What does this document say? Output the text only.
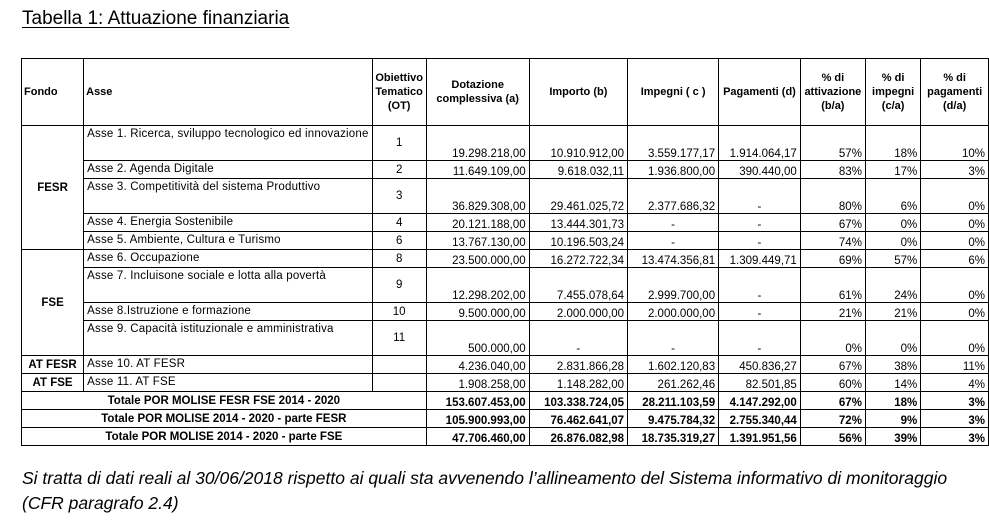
Tabella 1: Attuazione finanziaria
Fondo	Asse	Obiettivo Tematico (OT)	Dotazione complessiva (a)	Importo (b)	Impegni ( c )	Pagamenti (d)	% di attivazione (b/a)	% di impegni (c/a)	% di pagamenti (d/a)
FESR	Asse 1. Ricerca, sviluppo tecnologico ed innovazione	1	19.298.218,00	10.910.912,00	3.559.177,17	1.914.064,17	57%	18%	10%
	Asse 2. Agenda Digitale	2	11.649.109,00	9.618.032,11	1.936.800,00	390.440,00	83%	17%	3%
	Asse 3. Competitività del sistema Produttivo	3	36.829.308,00	29.461.025,72	2.377.686,32	-	80%	6%	0%
	Asse 4. Energia Sostenibile	4	20.121.188,00	13.444.301,73	-	-	67%	0%	0%
	Asse 5. Ambiente, Cultura e Turismo	6	13.767.130,00	10.196.503,24	-	-	74%	0%	0%
FSE	Asse 6. Occupazione	8	23.500.000,00	16.272.722,34	13.474.356,81	1.309.449,71	69%	57%	6%
	Asse 7. Incluisone sociale e lotta alla povertà	9	12.298.202,00	7.455.078,64	2.999.700,00	-	61%	24%	0%
	Asse 8.Istruzione e formazione	10	9.500.000,00	2.000.000,00	2.000.000,00	-	21%	21%	0%
	Asse 9. Capacità istituzionale e amministrativa	11	500.000,00	-	-	-	0%	0%	0%
AT FESR	Asse 10. AT FESR		4.236.040,00	2.831.866,28	1.602.120,83	450.836,27	67%	38%	11%
AT FSE	Asse 11. AT FSE		1.908.258,00	1.148.282,00	261.262,46	82.501,85	60%	14%	4%
Totale POR MOLISE FESR FSE 2014 - 2020			153.607.453,00	103.338.724,05	28.211.103,59	4.147.292,00	67%	18%	3%
Totale POR MOLISE 2014 - 2020 - parte FESR			105.900.993,00	76.462.641,07	9.475.784,32	2.755.340,44	72%	9%	3%
Totale POR MOLISE 2014 - 2020 - parte FSE			47.706.460,00	26.876.082,98	18.735.319,27	1.391.951,56	56%	39%	3%
Si tratta di dati reali al 30/06/2018 rispetto ai quali sta avvenendo l’allineamento del Sistema informativo di monitoraggio (CFR paragrafo 2.4)
